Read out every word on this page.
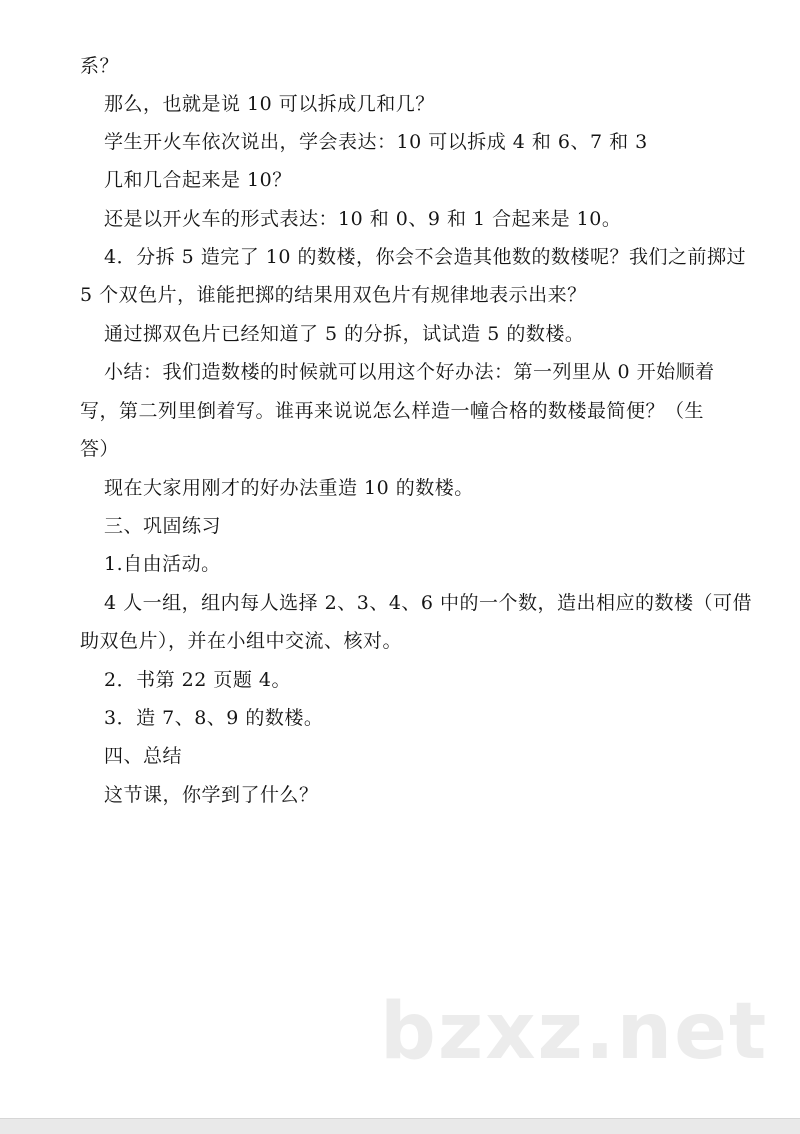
系？
那么，也就是说 10 可以拆成几和几？
学生开火车依次说出，学会表达：10 可以拆成 4 和 6、7 和 3
几和几合起来是 10？
还是以开火车的形式表达：10 和 0、9 和 1 合起来是 10。
4．分拆 5 造完了 10 的数楼，你会不会造其他数的数楼呢？我们之前掷过
5 个双色片，谁能把掷的结果用双色片有规律地表示出来？
通过掷双色片已经知道了 5 的分拆，试试造 5 的数楼。
小结：我们造数楼的时候就可以用这个好办法：第一列里从 0 开始顺着
写，第二列里倒着写。谁再来说说怎么样造一幢合格的数楼最简便？（生
答）
现在大家用刚才的好办法重造 10 的数楼。
三、巩固练习
1.自由活动。
4 人一组，组内每人选择 2、3、4、6 中的一个数，造出相应的数楼（可借
助双色片），并在小组中交流、核对。
2．书第 22 页题 4。
3．造 7、8、9 的数楼。
四、总结
这节课，你学到了什么？
bzxz.net
